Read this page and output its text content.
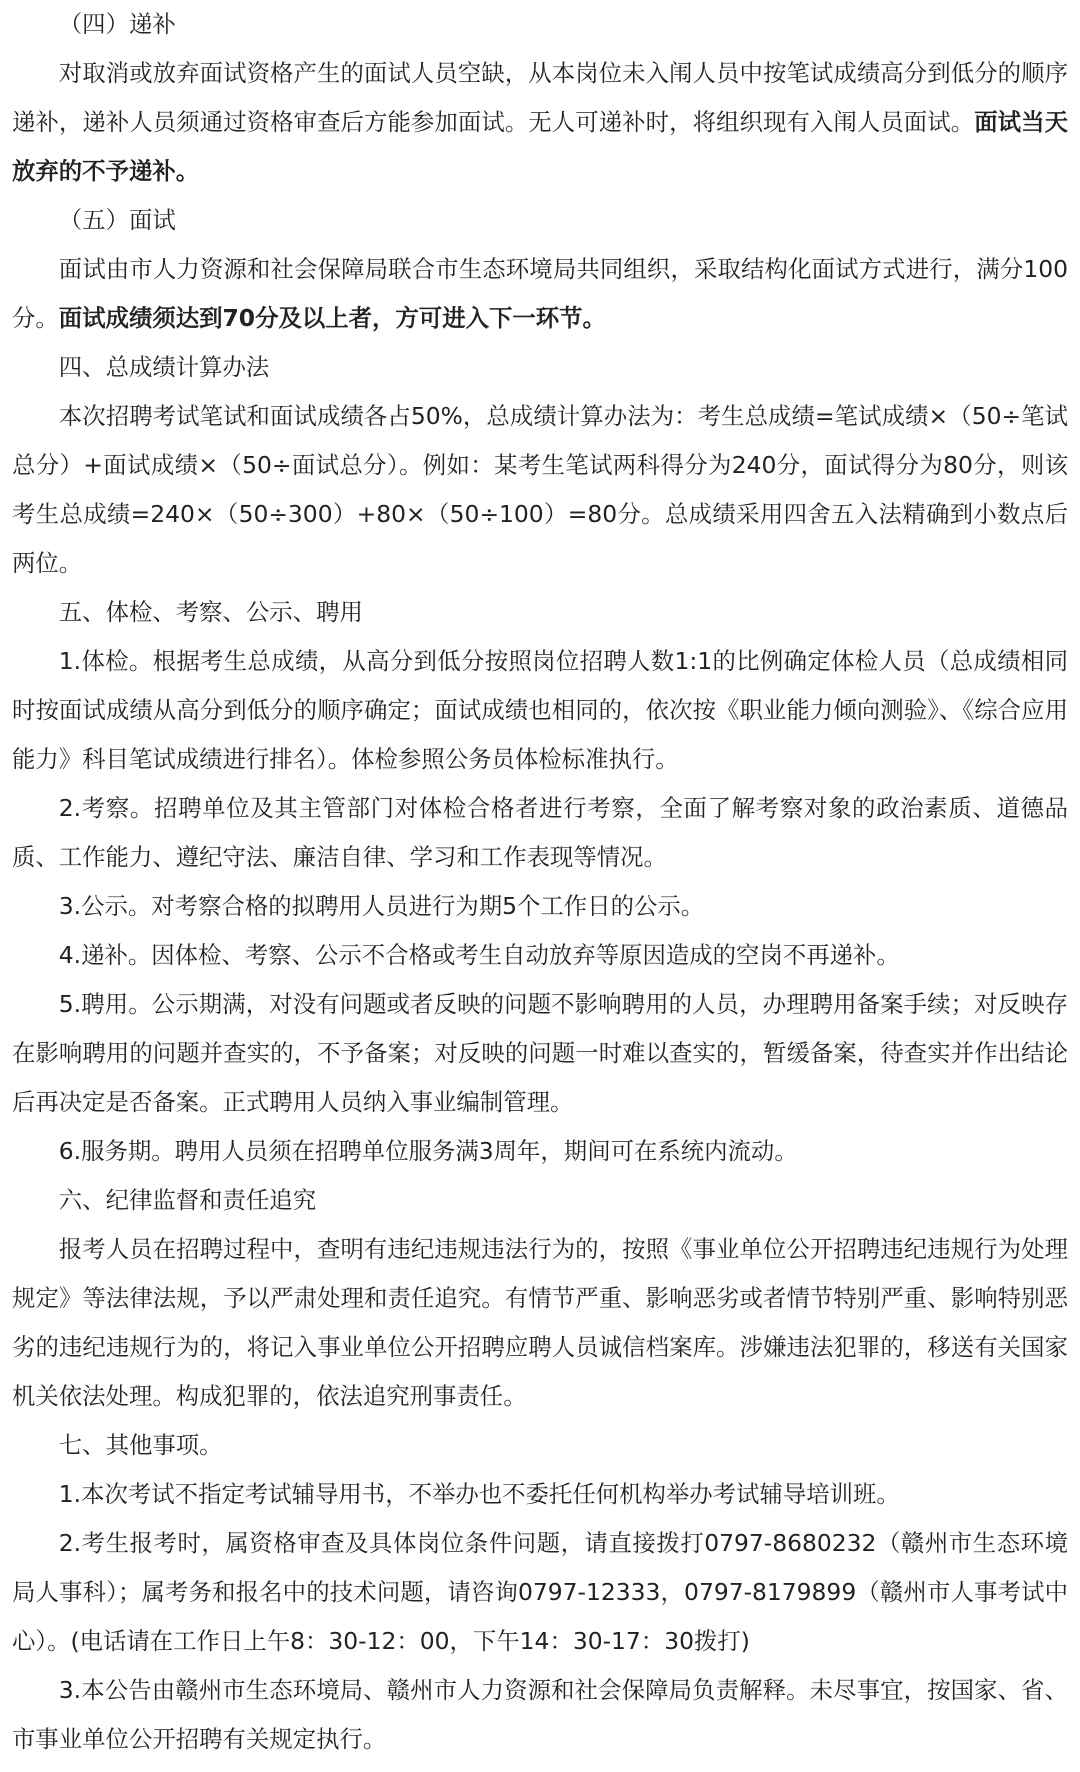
（四）递补

对取消或放弃面试资格产生的面试人员空缺，从本岗位未入闱人员中按笔试成绩高分到低分的顺序递补，递补人员须通过资格审查后方能参加面试。无人可递补时，将组织现有入闱人员面试。面试当天放弃的不予递补。

（五）面试

面试由市人力资源和社会保障局联合市生态环境局共同组织，采取结构化面试方式进行，满分100分。面试成绩须达到70分及以上者，方可进入下一环节。

四、总成绩计算办法

本次招聘考试笔试和面试成绩各占50%，总成绩计算办法为：考生总成绩=笔试成绩×（50÷笔试总分）+面试成绩×（50÷面试总分）。例如：某考生笔试两科得分为240分，面试得分为80分，则该考生总成绩=240×（50÷300）+80×（50÷100）=80分。总成绩采用四舍五入法精确到小数点后两位。

五、体检、考察、公示、聘用

1.体检。根据考生总成绩，从高分到低分按照岗位招聘人数1:1的比例确定体检人员（总成绩相同时按面试成绩从高分到低分的顺序确定；面试成绩也相同的，依次按《职业能力倾向测验》、《综合应用能力》科目笔试成绩进行排名）。体检参照公务员体检标准执行。

2.考察。招聘单位及其主管部门对体检合格者进行考察，全面了解考察对象的政治素质、道德品质、工作能力、遵纪守法、廉洁自律、学习和工作表现等情况。

3.公示。对考察合格的拟聘用人员进行为期5个工作日的公示。

4.递补。因体检、考察、公示不合格或考生自动放弃等原因造成的空岗不再递补。

5.聘用。公示期满，对没有问题或者反映的问题不影响聘用的人员，办理聘用备案手续；对反映存在影响聘用的问题并查实的，不予备案；对反映的问题一时难以查实的，暂缓备案，待查实并作出结论后再决定是否备案。正式聘用人员纳入事业编制管理。

6.服务期。聘用人员须在招聘单位服务满3周年，期间可在系统内流动。

六、纪律监督和责任追究

报考人员在招聘过程中，查明有违纪违规违法行为的，按照《事业单位公开招聘违纪违规行为处理规定》等法律法规，予以严肃处理和责任追究。有情节严重、影响恶劣或者情节特别严重、影响特别恶劣的违纪违规行为的，将记入事业单位公开招聘应聘人员诚信档案库。涉嫌违法犯罪的，移送有关国家机关依法处理。构成犯罪的，依法追究刑事责任。

七、其他事项。

1.本次考试不指定考试辅导用书，不举办也不委托任何机构举办考试辅导培训班。

2.考生报考时，属资格审查及具体岗位条件问题，请直接拨打0797-8680232（赣州市生态环境局人事科）；属考务和报名中的技术问题，请咨询0797-12333，0797-8179899（赣州市人事考试中心）。(电话请在工作日上午8：30-12：00，下午14：30-17：30拨打)

3.本公告由赣州市生态环境局、赣州市人力资源和社会保障局负责解释。未尽事宜，按国家、省、市事业单位公开招聘有关规定执行。
